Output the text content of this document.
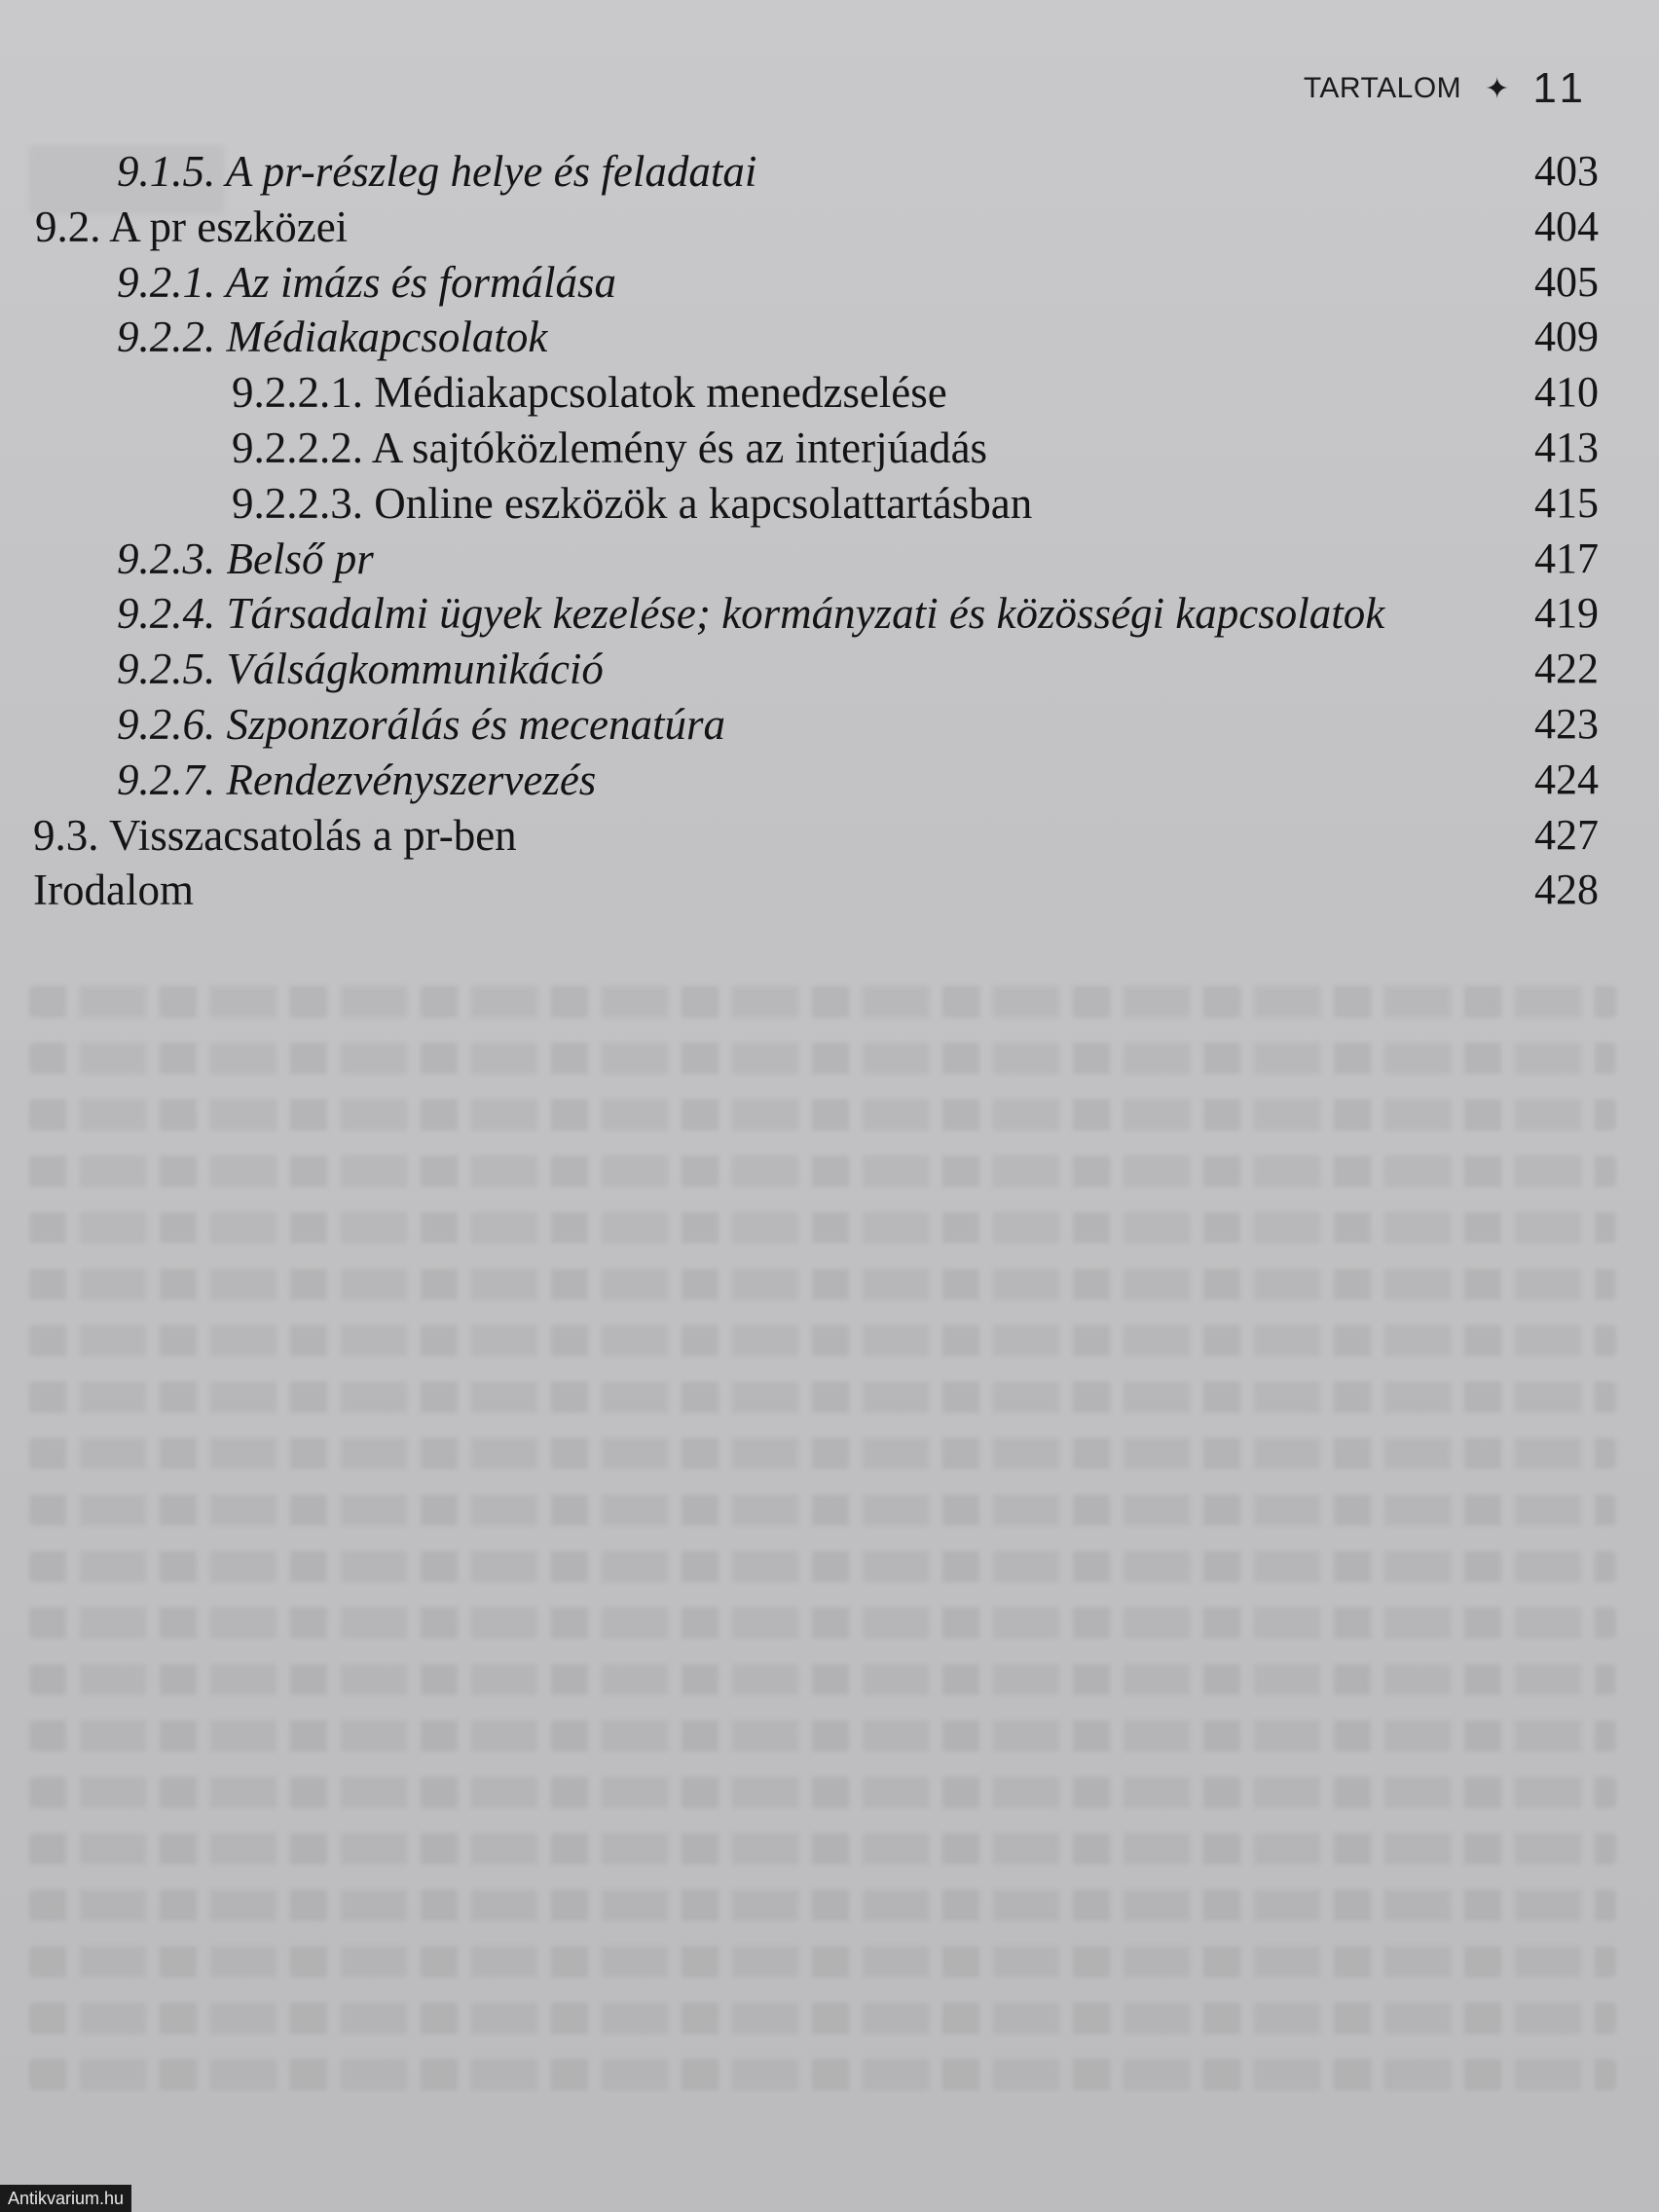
TARTALOM ✦ 11
9.1.5. A pr-részleg helye és feladatai	403
9.2. A pr eszközei	404
9.2.1. Az imázs és formálása	405
9.2.2. Médiakapcsolatok	409
9.2.2.1. Médiakapcsolatok menedzselése	410
9.2.2.2. A sajtóközlemény és az interjúadás	413
9.2.2.3. Online eszközök a kapcsolattartásban	415
9.2.3. Belső pr	417
9.2.4. Társadalmi ügyek kezelése; kormányzati és közösségi kapcsolatok	419
9.2.5. Válságkommunikáció	422
9.2.6. Szponzorálás és mecenatúra	423
9.2.7. Rendezvényszervezés	424
9.3. Visszacsatolás a pr-ben	427
Irodalom	428
Antikvarium.hu
